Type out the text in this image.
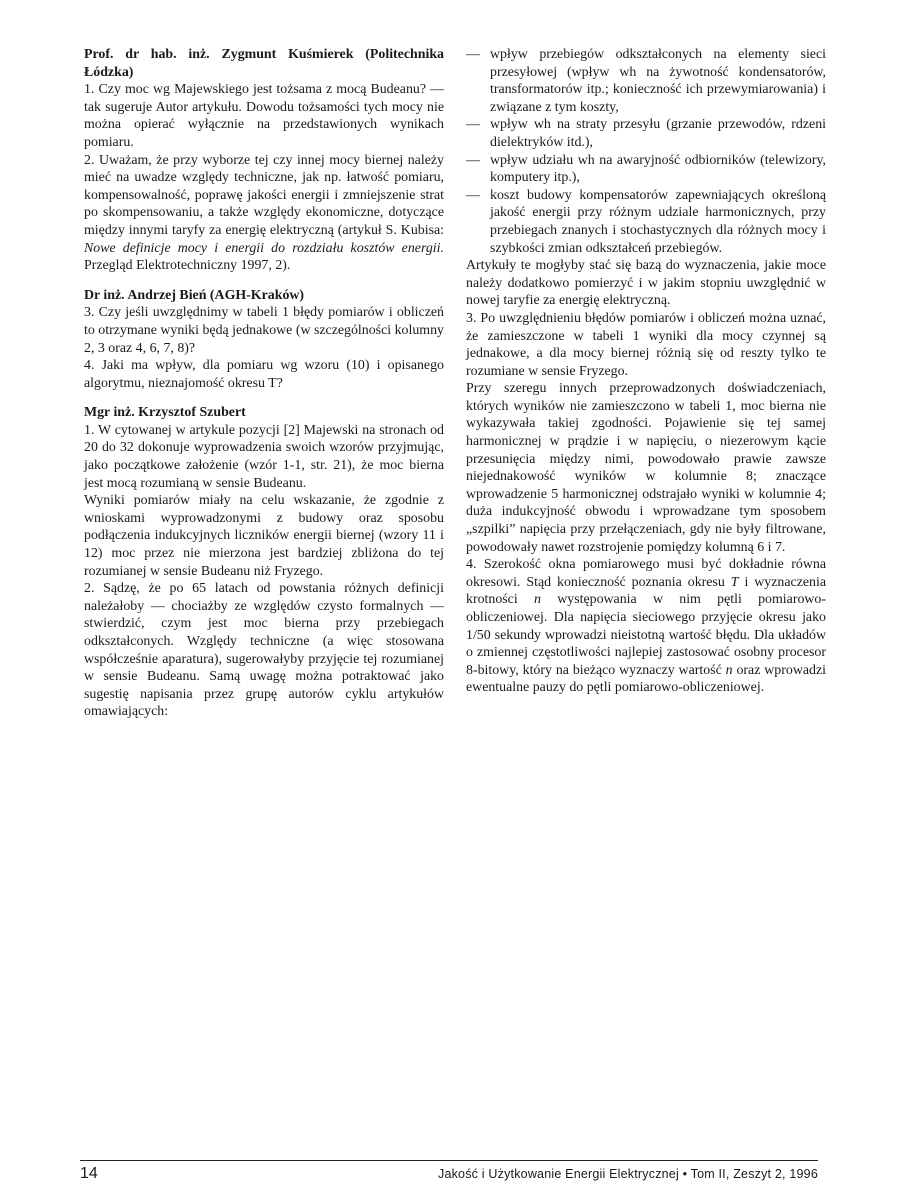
Prof. dr hab. inż. Zygmunt Kuśmierek (Politechnika Łódzka)

1. Czy moc wg Majewskiego jest tożsama z mocą Budeanu? — tak sugeruje Autor artykułu. Dowodu tożsamości tych mocy nie można opierać wyłącznie na przedstawionych wynikach pomiaru.

2. Uważam, że przy wyborze tej czy innej mocy biernej należy mieć na uwadze względy techniczne, jak np. łatwość pomiaru, kompensowalność, poprawę jakości energii i zmniejszenie strat po skompensowaniu, a także względy ekonomiczne, dotyczące między innymi taryfy za energię elektryczną (artykuł S. Kubisa: Nowe definicje mocy i energii do rozdziału kosztów energii. Przegląd Elektrotechniczny 1997, 2).

Dr inż. Andrzej Bień (AGH-Kraków)

3. Czy jeśli uwzględnimy w tabeli 1 błędy pomiarów i obliczeń to otrzymane wyniki będą jednakowe (w szczególności kolumny 2, 3 oraz 4, 6, 7, 8)?

4. Jaki ma wpływ, dla pomiaru wg wzoru (10) i opisanego algorytmu, nieznajomość okresu T?

Mgr inż. Krzysztof Szubert

1. W cytowanej w artykule pozycji [2] Majewski na stronach od 20 do 32 dokonuje wyprowadzenia swoich wzorów przyjmując, jako początkowe założenie (wzór 1-1, str. 21), że moc bierna jest mocą rozumianą w sensie Budeanu.

Wyniki pomiarów miały na celu wskazanie, że zgodnie z wnioskami wyprowadzonymi z budowy oraz sposobu podłączenia indukcyjnych liczników energii biernej (wzory 11 i 12) moc przez nie mierzona jest bardziej zbliżona do tej rozumianej w sensie Budeanu niż Fryzego.

2. Sądzę, że po 65 latach od powstania różnych definicji należałoby — chociażby ze względów czysto formalnych — stwierdzić, czym jest moc bierna przy przebiegach odkształconych. Względy techniczne (a więc stosowana współcześnie aparatura), sugerowałyby przyjęcie tej rozumianej w sensie Budeanu. Samą uwagę można potraktować jako sugestię napisania przez grupę autorów cyklu artykułów omawiających:

— wpływ przebiegów odkształconych na elementy sieci przesyłowej (wpływ wh na żywotność kondensatorów, transformatorów itp.; konieczność ich przewymiarowania) i związane z tym koszty,
— wpływ wh na straty przesyłu (grzanie przewodów, rdzeni dielektryków itd.),
— wpływ udziału wh na awaryjność odbiorników (telewizory, komputery itp.),
— koszt budowy kompensatorów zapewniających określoną jakość energii przy różnym udziale harmonicznych, przy przebiegach znanych i stochastycznych dla różnych mocy i szybkości zmian odkształceń przebiegów.

Artykuły te mogłyby stać się bazą do wyznaczenia, jakie moce należy dodatkowo pomierzyć i w jakim stopniu uwzględnić w nowej taryfie za energię elektryczną.

3. Po uwzględnieniu błędów pomiarów i obliczeń można uznać, że zamieszczone w tabeli 1 wyniki dla mocy czynnej są jednakowe, a dla mocy biernej różnią się od reszty tylko te rozumiane w sensie Fryzego.

Przy szeregu innych przeprowadzonych doświadczeniach, których wyników nie zamieszczono w tabeli 1, moc bierna nie wykazywała takiej zgodności. Pojawienie się tej samej harmonicznej w prądzie i w napięciu, o niezerowym kącie przesunięcia między nimi, powodowało prawie zawsze niejednakowość wyników w kolumnie 8; znaczące wprowadzenie 5 harmonicznej odstrajało wyniki w kolumnie 4; duża indukcyjność obwodu i wprowadzane tym sposobem „szpilki” napięcia przy przełączeniach, gdy nie były filtrowane, powodowały nawet rozstrojenie pomiędzy kolumną 6 i 7.

4. Szerokość okna pomiarowego musi być dokładnie równa okresowi. Stąd konieczność poznania okresu T i wyznaczenia krotności n występowania w nim pętli pomiarowo-obliczeniowej. Dla napięcia sieciowego przyjęcie okresu jako 1/50 sekundy wprowadzi nieistotną wartość błędu. Dla układów o zmiennej częstotliwości najlepiej zastosować osobny procesor 8-bitowy, który na bieżąco wyznaczy wartość n oraz wprowadzi ewentualne pauzy do pętli pomiarowo-obliczeniowej.

14	Jakość i Użytkowanie Energii Elektrycznej • Tom II, Zeszyt 2, 1996
